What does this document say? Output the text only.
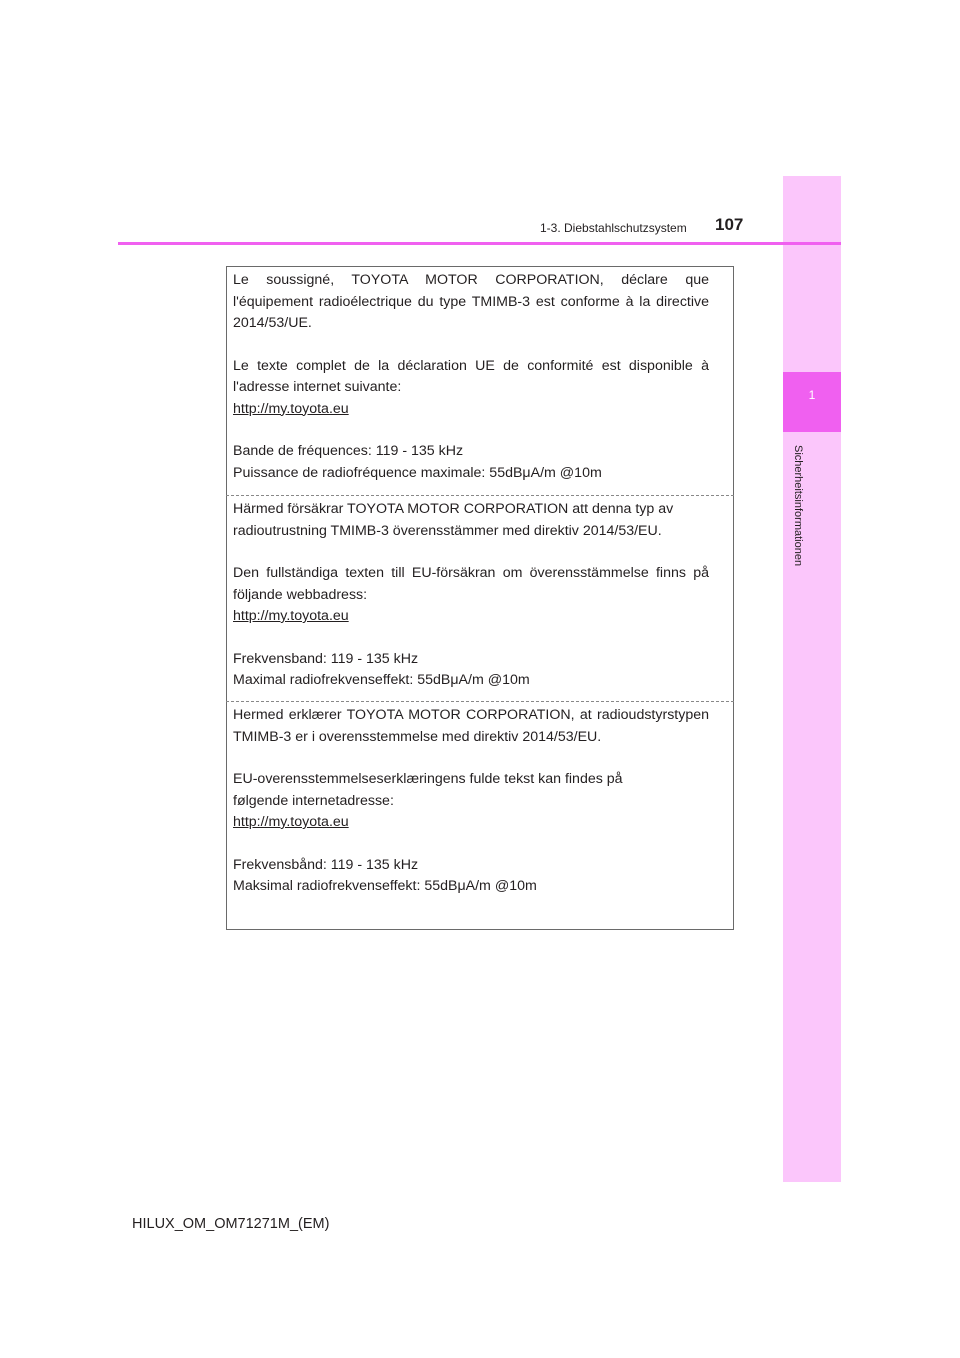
1
Sicherheitsinformationen
1-3. Diebstahlschutzsystem 107

Le soussigné, TOYOTA MOTOR CORPORATION, déclare que l'équipement radioélectrique du type TMIMB-3 est conforme à la directive 2014/53/UE.

Le texte complet de la déclaration UE de conformité est disponible à l'adresse internet suivante:

http://my.toyota.eu

Bande de fréquences: 119 - 135 kHz

Puissance de radiofréquence maximale: 55dBμA/m @10m

Härmed försäkrar TOYOTA MOTOR CORPORATION att denna typ av radioutrustning TMIMB-3 överensstämmer med direktiv 2014/53/EU.

Den fullständiga texten till EU-försäkran om överensstämmelse finns på följande webbadress:

http://my.toyota.eu

Frekvensband: 119 - 135 kHz

Maximal radiofrekvenseffekt: 55dBμA/m @10m

Hermed erklærer TOYOTA MOTOR CORPORATION, at radioudstyrstypen TMIMB-3 er i overensstemmelse med direktiv 2014/53/EU.

EU-overensstemmelseserklæringens fulde tekst kan findes på

følgende internetadresse:

http://my.toyota.eu

Frekvensbånd: 119 - 135 kHz

Maksimal radiofrekvenseffekt: 55dBμA/m @10m

HILUX_OM_OM71271M_(EM)
